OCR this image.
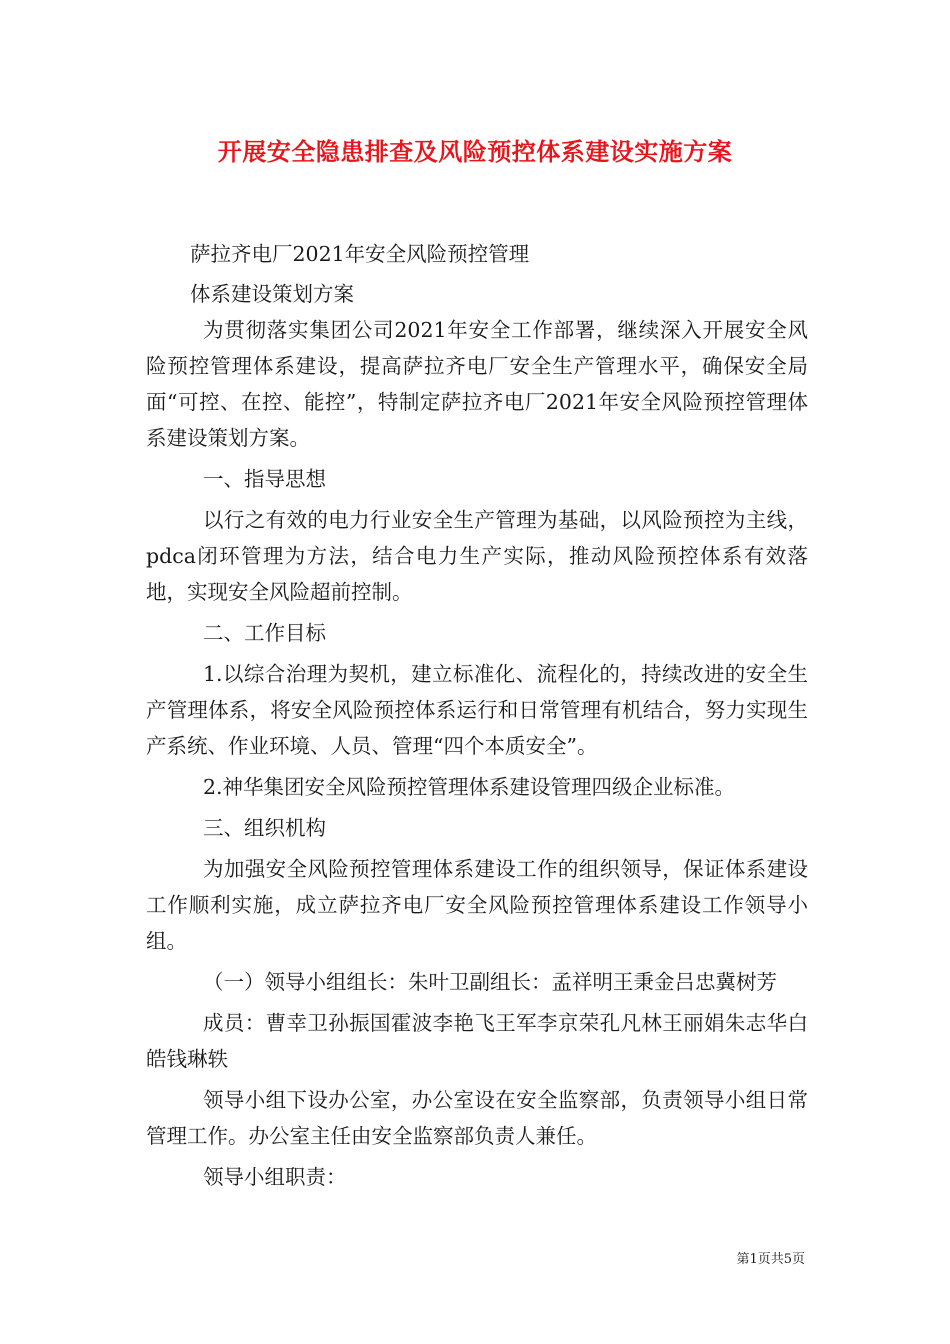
开展安全隐患排查及风险预控体系建设实施方案

萨拉齐电厂2021年安全风险预控管理

体系建设策划方案

为贯彻落实集团公司2021年安全工作部署，继续深入开展安全风险预控管理体系建设，提高萨拉齐电厂安全生产管理水平，确保安全局面“可控、在控、能控”，特制定萨拉齐电厂2021年安全风险预控管理体系建设策划方案。

一、指导思想

以行之有效的电力行业安全生产管理为基础，以风险预控为主线，pdca闭环管理为方法，结合电力生产实际，推动风险预控体系有效落地，实现安全风险超前控制。

二、工作目标

1.以综合治理为契机，建立标准化、流程化的，持续改进的安全生产管理体系，将安全风险预控体系运行和日常管理有机结合，努力实现生产系统、作业环境、人员、管理“四个本质安全”。

2.神华集团安全风险预控管理体系建设管理四级企业标准。

三、组织机构

为加强安全风险预控管理体系建设工作的组织领导，保证体系建设工作顺利实施，成立萨拉齐电厂安全风险预控管理体系建设工作领导小组。

（一）领导小组组长：朱叶卫副组长：孟祥明王秉金吕忠冀树芳

成员：曹幸卫孙振国霍波李艳飞王军李京荣孔凡林王丽娟朱志华白皓钱琳轶

领导小组下设办公室，办公室设在安全监察部，负责领导小组日常管理工作。办公室主任由安全监察部负责人兼任。

领导小组职责：

第1页共5页
